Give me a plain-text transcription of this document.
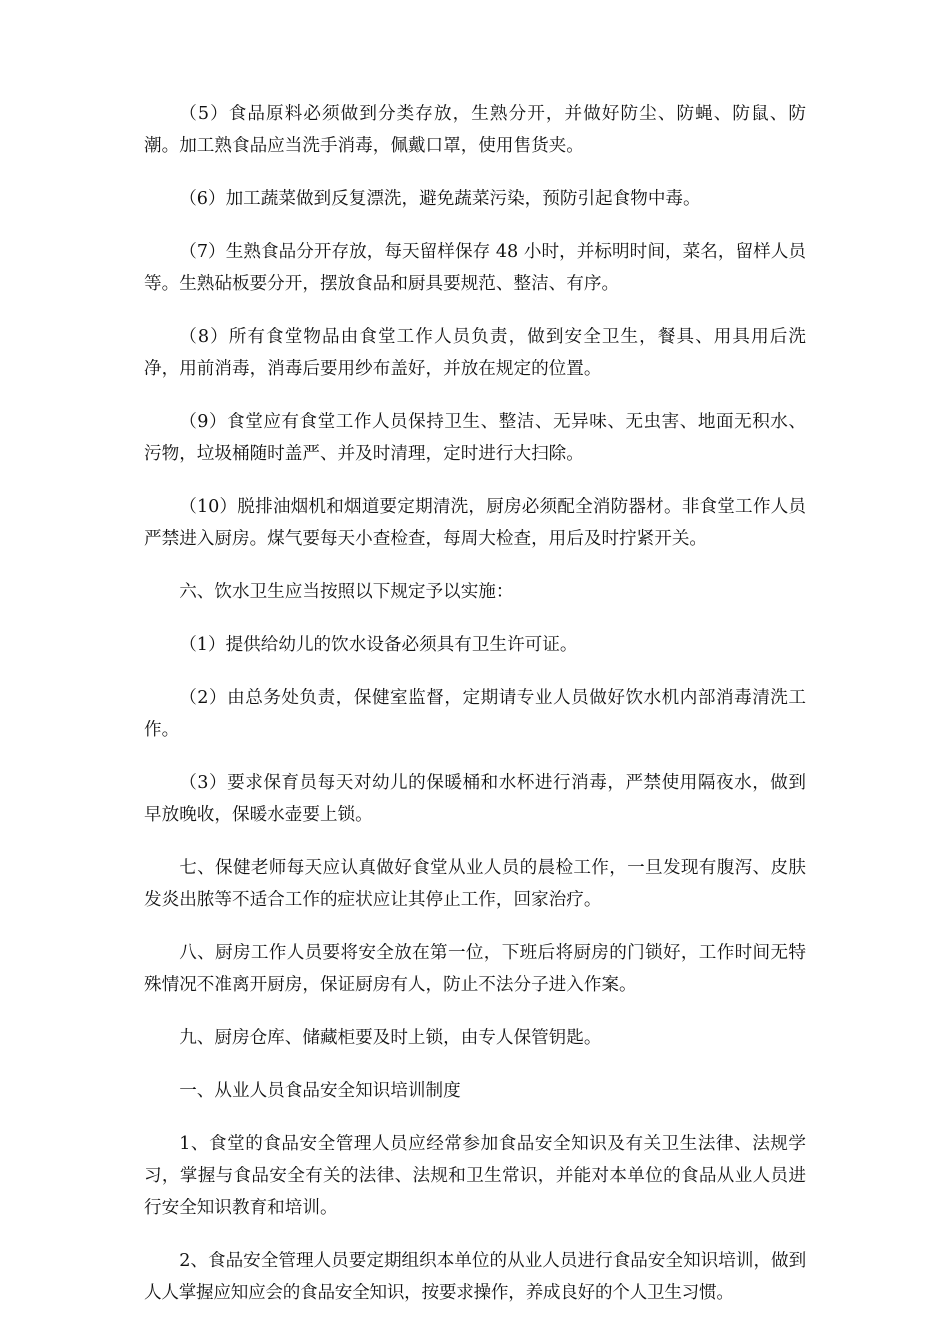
（5）食品原料必须做到分类存放，生熟分开，并做好防尘、防蝇、防鼠、防潮。加工熟食品应当洗手消毒，佩戴口罩，使用售货夹。

（6）加工蔬菜做到反复漂洗，避免蔬菜污染，预防引起食物中毒。

（7）生熟食品分开存放，每天留样保存 48 小时，并标明时间，菜名，留样人员等。生熟砧板要分开，摆放食品和厨具要规范、整洁、有序。

（8）所有食堂物品由食堂工作人员负责，做到安全卫生，餐具、用具用后洗净，用前消毒，消毒后要用纱布盖好，并放在规定的位置。

（9）食堂应有食堂工作人员保持卫生、整洁、无异味、无虫害、地面无积水、污物，垃圾桶随时盖严、并及时清理，定时进行大扫除。

（10）脱排油烟机和烟道要定期清洗，厨房必须配全消防器材。非食堂工作人员严禁进入厨房。煤气要每天小查检查，每周大检查，用后及时拧紧开关。

六、饮水卫生应当按照以下规定予以实施：

（1）提供给幼儿的饮水设备必须具有卫生许可证。

（2）由总务处负责，保健室监督，定期请专业人员做好饮水机内部消毒清洗工作。

（3）要求保育员每天对幼儿的保暖桶和水杯进行消毒，严禁使用隔夜水，做到早放晚收，保暖水壶要上锁。

七、保健老师每天应认真做好食堂从业人员的晨检工作，一旦发现有腹泻、皮肤发炎出脓等不适合工作的症状应让其停止工作，回家治疗。

八、厨房工作人员要将安全放在第一位，下班后将厨房的门锁好，工作时间无特殊情况不准离开厨房，保证厨房有人，防止不法分子进入作案。

九、厨房仓库、储藏柜要及时上锁，由专人保管钥匙。

一、从业人员食品安全知识培训制度

1、食堂的食品安全管理人员应经常参加食品安全知识及有关卫生法律、法规学习，掌握与食品安全有关的法律、法规和卫生常识，并能对本单位的食品从业人员进行安全知识教育和培训。

2、食品安全管理人员要定期组织本单位的从业人员进行食品安全知识培训，做到人人掌握应知应会的食品安全知识，按要求操作，养成良好的个人卫生习惯。
